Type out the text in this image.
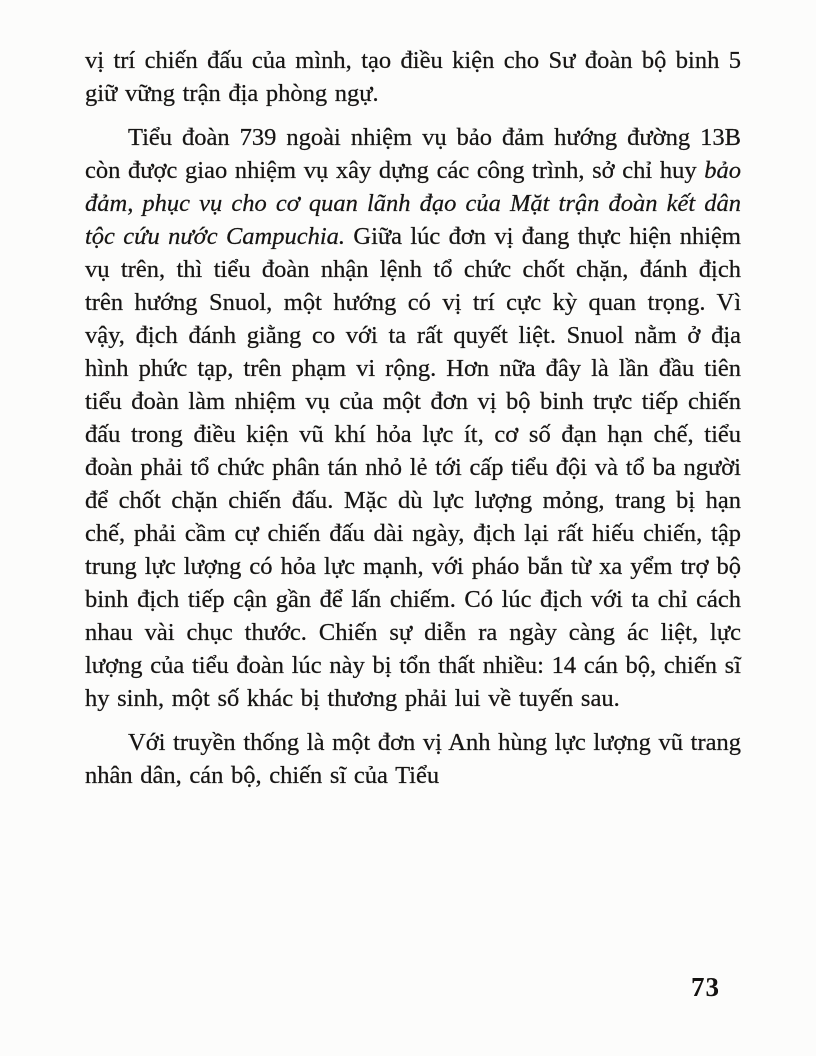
vị trí chiến đấu của mình, tạo điều kiện cho Sư đoàn bộ binh 5 giữ vững trận địa phòng ngự.

Tiểu đoàn 739 ngoài nhiệm vụ bảo đảm hướng đường 13B còn được giao nhiệm vụ xây dựng các công trình, sở chỉ huy bảo đảm, phục vụ cho cơ quan lãnh đạo của Mặt trận đoàn kết dân tộc cứu nước Campuchia. Giữa lúc đơn vị đang thực hiện nhiệm vụ trên, thì tiểu đoàn nhận lệnh tổ chức chốt chặn, đánh địch trên hướng Snuol, một hướng có vị trí cực kỳ quan trọng. Vì vậy, địch đánh giằng co với ta rất quyết liệt. Snuol nằm ở địa hình phức tạp, trên phạm vi rộng. Hơn nữa đây là lần đầu tiên tiểu đoàn làm nhiệm vụ của một đơn vị bộ binh trực tiếp chiến đấu trong điều kiện vũ khí hỏa lực ít, cơ số đạn hạn chế, tiểu đoàn phải tổ chức phân tán nhỏ lẻ tới cấp tiểu đội và tổ ba người để chốt chặn chiến đấu. Mặc dù lực lượng mỏng, trang bị hạn chế, phải cầm cự chiến đấu dài ngày, địch lại rất hiếu chiến, tập trung lực lượng có hỏa lực mạnh, với pháo bắn từ xa yểm trợ bộ binh địch tiếp cận gần để lấn chiếm. Có lúc địch với ta chỉ cách nhau vài chục thước. Chiến sự diễn ra ngày càng ác liệt, lực lượng của tiểu đoàn lúc này bị tổn thất nhiều: 14 cán bộ, chiến sĩ hy sinh, một số khác bị thương phải lui về tuyến sau.

Với truyền thống là một đơn vị Anh hùng lực lượng vũ trang nhân dân, cán bộ, chiến sĩ của Tiểu

73
